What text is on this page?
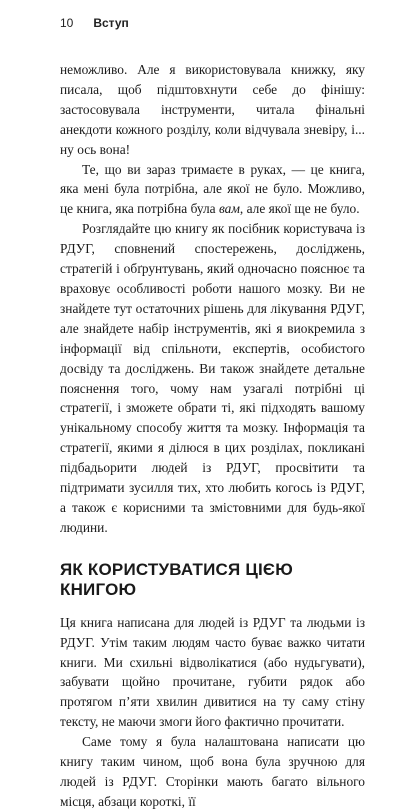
10 Вступ

неможливо. Але я використовувала книжку, яку писала, щоб підштовхнути себе до фінішу: застосовувала інструменти, читала фінальні анекдоти кожного розділу, коли відчувала зневіру, і... ну ось вона!

Те, що ви зараз тримаєте в руках, — це книга, яка мені була потрібна, але якої не було. Можливо, це книга, яка потрібна була вам, але якої ще не було.

Розглядайте цю книгу як посібник користувача із РДУГ, сповнений спостережень, досліджень, стратегій і обґрунтувань, який одночасно пояснює та враховує особливості роботи нашого мозку. Ви не знайдете тут остаточних рішень для лікування РДУГ, але знайдете набір інструментів, які я виокремила з інформації від спільноти, експертів, особистого досвіду та досліджень. Ви також знайдете детальне пояснення того, чому нам узагалі потрібні ці стратегії, і зможете обрати ті, які підходять вашому унікальному способу життя та мозку. Інформація та стратегії, якими я ділюся в цих розділах, покликані підбадьорити людей із РДУГ, просвітити та підтримати зусилля тих, хто любить когось із РДУГ, а також є корисними та змістовними для будь-якої людини.

ЯК КОРИСТУВАТИСЯ ЦІЄЮ КНИГОЮ

Ця книга написана для людей із РДУГ та людьми із РДУГ. Утім таким людям часто буває важко читати книги. Ми схильні відволікатися (або нудьгувати), забувати щойно прочитане, губити рядок або протягом п’яти хвилин дивитися на ту саму стіну тексту, не маючи змоги його фактично прочитати.

Саме тому я була налаштована написати цю книгу таким чином, щоб вона була зручною для людей із РДУГ. Сторінки мають багато вільного місця, абзаци короткі, її
